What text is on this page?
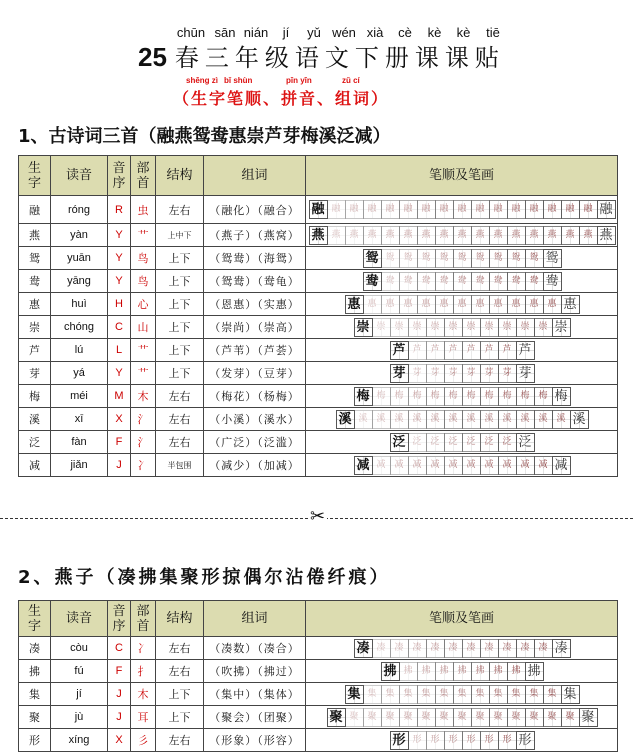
chūn sān nián jí yǔ wén xià cè kè kè tiē
25 春三年级语文下册课课贴
shēng zì bǐ shùn	pīn yīn	zǔ cí
（生字笔顺、拼音、组词）
1、古诗词三首（融燕鸳鸯惠崇芦芽梅溪泛减）
生字	读音	音序	部首	结构	组词	笔顺及笔画
融	róng	R	虫	左右	（融化）（融合）	融 融 融 融 融 融 融 融 融 融 融 融 融 融 融 融 融
燕	yàn	Y	艹	上中下	（燕子）（燕窝）	燕 燕 燕 燕 燕 燕 燕 燕 燕 燕 燕 燕 燕 燕 燕 燕 燕
鸳	yuān	Y	鸟	上下	（鸳鸯）（海鸳）	鸳 鸳 鸳 鸳 鸳 鸳 鸳 鸳 鸳 鸳 鸳
鸯	yāng	Y	鸟	上下	（鸳鸯）（鸯龟）	鸯 鸯 鸯 鸯 鸯 鸯 鸯 鸯 鸯 鸯 鸯
惠	huì	H	心	上下	（恩惠）（实惠）	惠 惠 惠 惠 惠 惠 惠 惠 惠 惠 惠 惠 惠
崇	chóng	C	山	上下	（崇尚）（崇高）	崇 崇 崇 崇 崇 崇 崇 崇 崇 崇 崇 崇
芦	lú	L	艹	上下	（芦苇）（芦荟）	芦 芦 芦 芦 芦 芦 芦 芦
芽	yá	Y	艹	上下	（发芽）（豆芽）	芽 芽 芽 芽 芽 芽 芽 芽
梅	méi	M	木	左右	（梅花）（杨梅）	梅 梅 梅 梅 梅 梅 梅 梅 梅 梅 梅 梅
溪	xī	X	氵	左右	（小溪）（溪水）	溪 溪 溪 溪 溪 溪 溪 溪 溪 溪 溪 溪 溪 溪
泛	fàn	F	氵	左右	（广泛）（泛滥）	泛 泛 泛 泛 泛 泛 泛 泛
减	jiǎn	J	冫	半包围	（减少）（加减）	减 减 减 减 减 减 减 减 减 减 减 减
✂
2、燕子（凑拂集聚形掠偶尔沾倦纤痕）
生字	读音	音序	部首	结构	组词	笔顺及笔画
凑	còu	C	冫	左右	（凑数）（凑合）	凑 凑 凑 凑 凑 凑 凑 凑 凑 凑 凑 凑
拂	fú	F	扌	左右	（吹拂）（拂过）	拂 拂 拂 拂 拂 拂 拂 拂 拂
集	jí	J	木	上下	（集中）（集体）	集 集 集 集 集 集 集 集 集 集 集 集 集
聚	jù	J	耳	上下	（聚会）（团聚）	聚 聚 聚 聚 聚 聚 聚 聚 聚 聚 聚 聚 聚 聚 聚
形	xíng	X	彡	左右	（形象）（形容）	形 形 形 形 形 形 形 形
